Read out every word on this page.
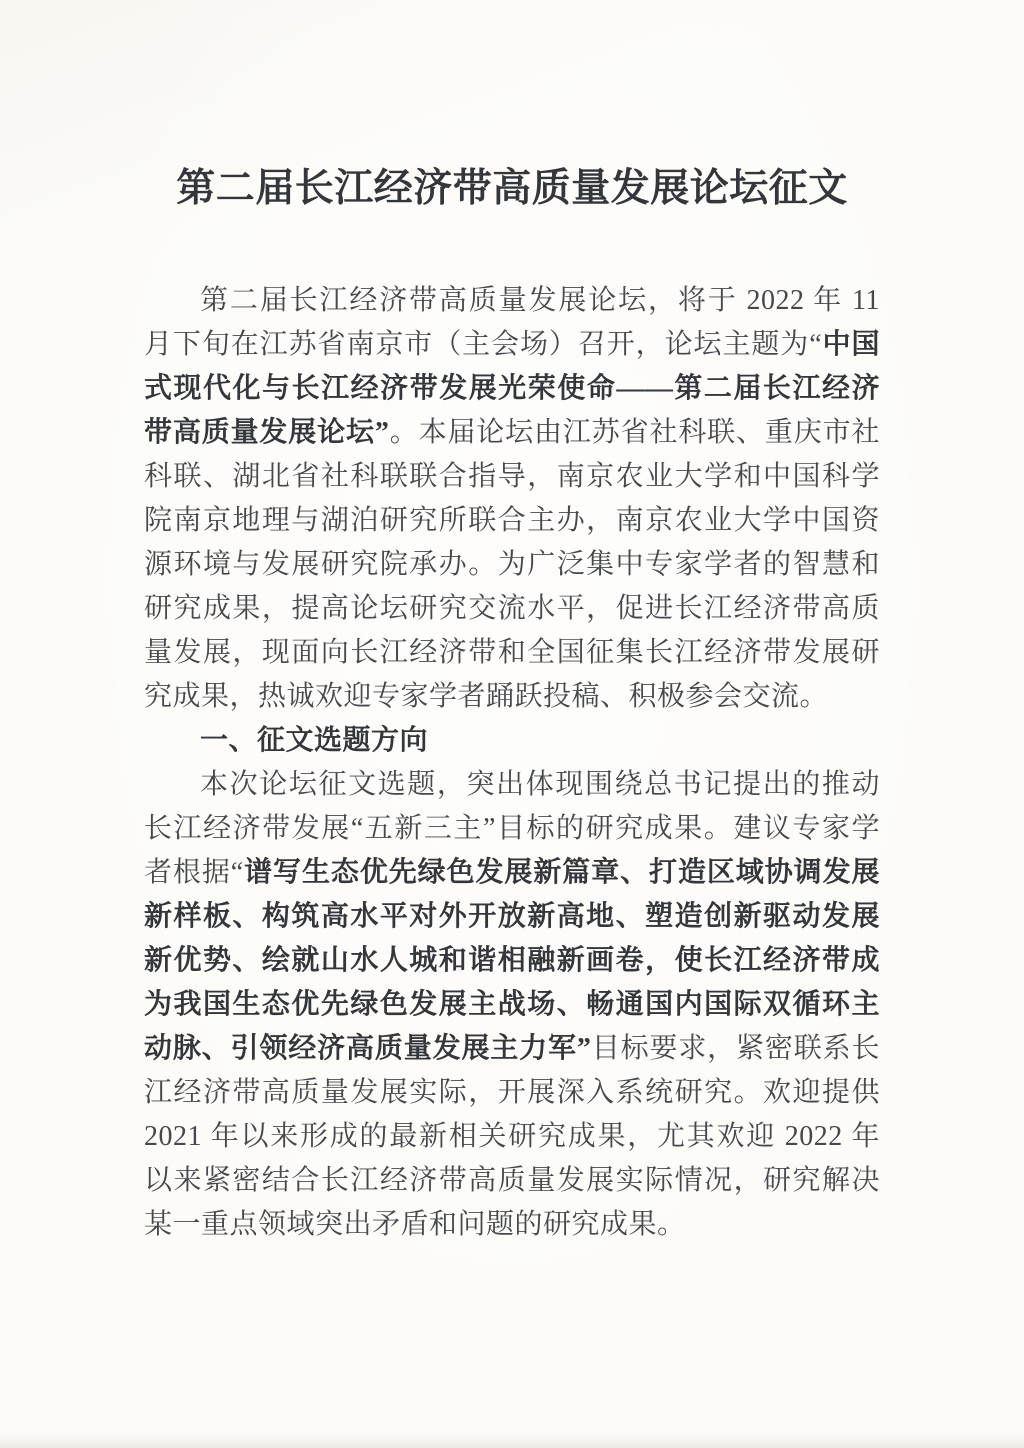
第二届长江经济带高质量发展论坛征文

第二届长江经济带高质量发展论坛，将于 2022 年 11 月下旬在江苏省南京市（主会场）召开，论坛主题为“中国式现代化与长江经济带发展光荣使命——第二届长江经济带高质量发展论坛”。本届论坛由江苏省社科联、重庆市社科联、湖北省社科联联合指导，南京农业大学和中国科学院南京地理与湖泊研究所联合主办，南京农业大学中国资源环境与发展研究院承办。为广泛集中专家学者的智慧和研究成果，提高论坛研究交流水平，促进长江经济带高质量发展，现面向长江经济带和全国征集长江经济带发展研究成果，热诚欢迎专家学者踊跃投稿、积极参会交流。

一、征文选题方向

本次论坛征文选题，突出体现围绕总书记提出的推动长江经济带发展“五新三主”目标的研究成果。建议专家学者根据“谱写生态优先绿色发展新篇章、打造区域协调发展新样板、构筑高水平对外开放新高地、塑造创新驱动发展新优势、绘就山水人城和谐相融新画卷，使长江经济带成为我国生态优先绿色发展主战场、畅通国内国际双循环主动脉、引领经济高质量发展主力军”目标要求，紧密联系长江经济带高质量发展实际，开展深入系统研究。欢迎提供 2021 年以来形成的最新相关研究成果，尤其欢迎 2022 年以来紧密结合长江经济带高质量发展实际情况，研究解决某一重点领域突出矛盾和问题的研究成果。
